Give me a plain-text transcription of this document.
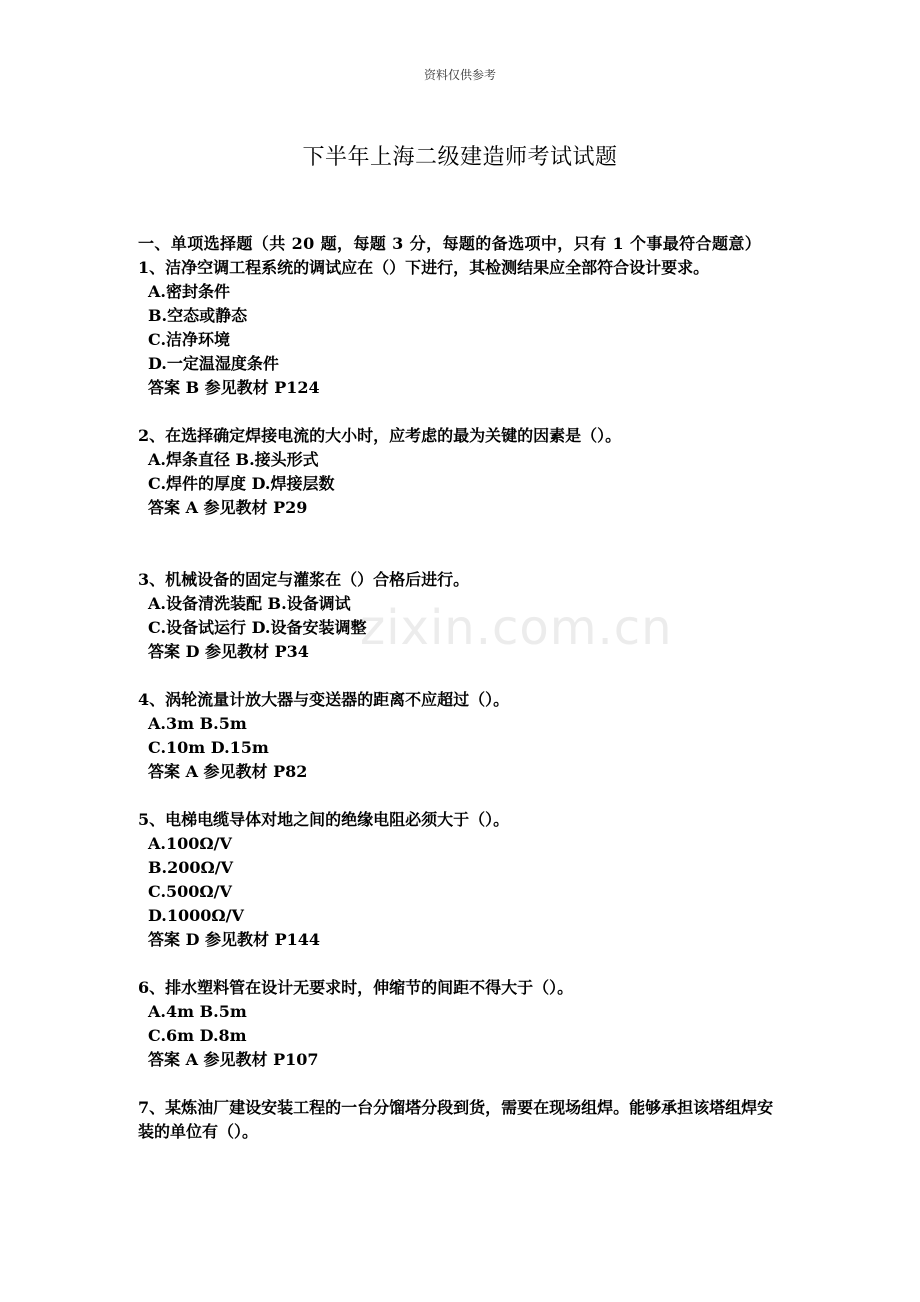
资料仅供参考
下半年上海二级建造师考试试题
zixin.com.cn
一、单项选择题（共 20 题，每题 3 分，每题的备选项中，只有 1 个事最符合题意）
1、洁净空调工程系统的调试应在（）下进行，其检测结果应全部符合设计要求。
A.密封条件
B.空态或静态
C.洁净环境
D.一定温湿度条件
答案 B 参见教材 P124
2、在选择确定焊接电流的大小时，应考虑的最为关键的因素是（）。
A.焊条直径 B.接头形式
C.焊件的厚度 D.焊接层数
答案 A 参见教材 P29
3、机械设备的固定与灌浆在（）合格后进行。
A.设备清洗装配 B.设备调试
C.设备试运行 D.设备安装调整
答案 D 参见教材 P34
4、涡轮流量计放大器与变送器的距离不应超过（）。
A.3m B.5m
C.10m D.15m
答案 A 参见教材 P82
5、电梯电缆导体对地之间的绝缘电阻必须大于（）。
A.100Ω/V
B.200Ω/V
C.500Ω/V
D.1000Ω/V
答案 D 参见教材 P144
6、排水塑料管在设计无要求时，伸缩节的间距不得大于（）。
A.4m B.5m
C.6m D.8m
答案 A 参见教材 P107
7、某炼油厂建设安装工程的一台分馏塔分段到货，需要在现场组焊。能够承担该塔组焊安装的单位有（）。
